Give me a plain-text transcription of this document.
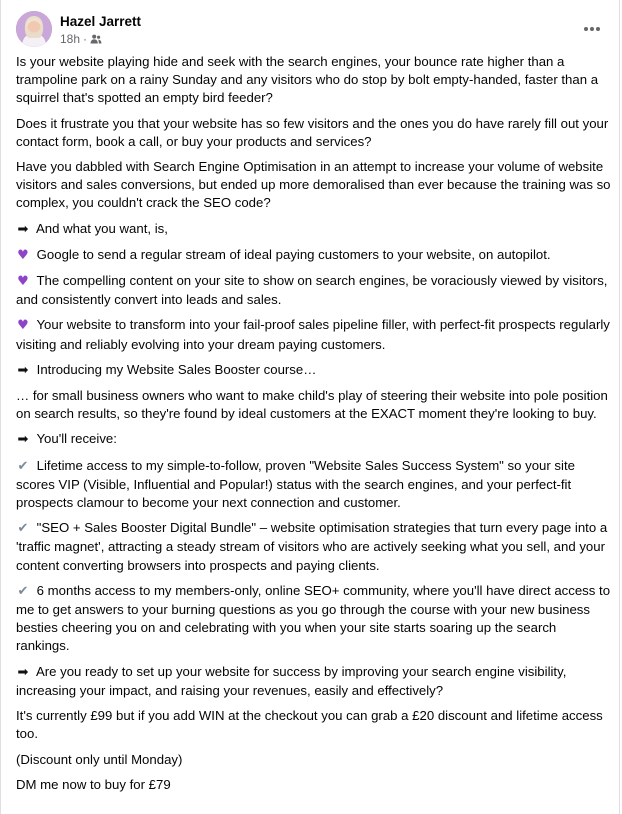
Hazel Jarrett
18h ·

Is your website playing hide and seek with the search engines, your bounce rate higher than a trampoline park on a rainy Sunday and any visitors who do stop by bolt empty-handed, faster than a squirrel that's spotted an empty bird feeder?

Does it frustrate you that your website has so few visitors and the ones you do have rarely fill out your contact form, book a call, or buy your products and services?

Have you dabbled with Search Engine Optimisation in an attempt to increase your volume of website visitors and sales conversions, but ended up more demoralised than ever because the training was so complex, you couldn't crack the SEO code?

➡ And what you want, is,

♥ Google to send a regular stream of ideal paying customers to your website, on autopilot.

♥ The compelling content on your site to show on search engines, be voraciously viewed by visitors, and consistently convert into leads and sales.

♥ Your website to transform into your fail-proof sales pipeline filler, with perfect-fit prospects regularly visiting and reliably evolving into your dream paying customers.

➡ Introducing my Website Sales Booster course…

… for small business owners who want to make child's play of steering their website into pole position on search results, so they're found by ideal customers at the EXACT moment they're looking to buy.

➡ You'll receive:

✔ Lifetime access to my simple-to-follow, proven "Website Sales Success System" so your site scores VIP (Visible, Influential and Popular!) status with the search engines, and your perfect-fit prospects clamour to become your next connection and customer.

✔ "SEO + Sales Booster Digital Bundle" – website optimisation strategies that turn every page into a 'traffic magnet', attracting a steady stream of visitors who are actively seeking what you sell, and your content converting browsers into prospects and paying clients.

✔ 6 months access to my members-only, online SEO+ community, where you'll have direct access to me to get answers to your burning questions as you go through the course with your new business besties cheering you on and celebrating with you when your site starts soaring up the search rankings.

➡ Are you ready to set up your website for success by improving your search engine visibility, increasing your impact, and raising your revenues, easily and effectively?

It's currently £99 but if you add WIN at the checkout you can grab a £20 discount and lifetime access too.

(Discount only until Monday)

DM me now to buy for £79
